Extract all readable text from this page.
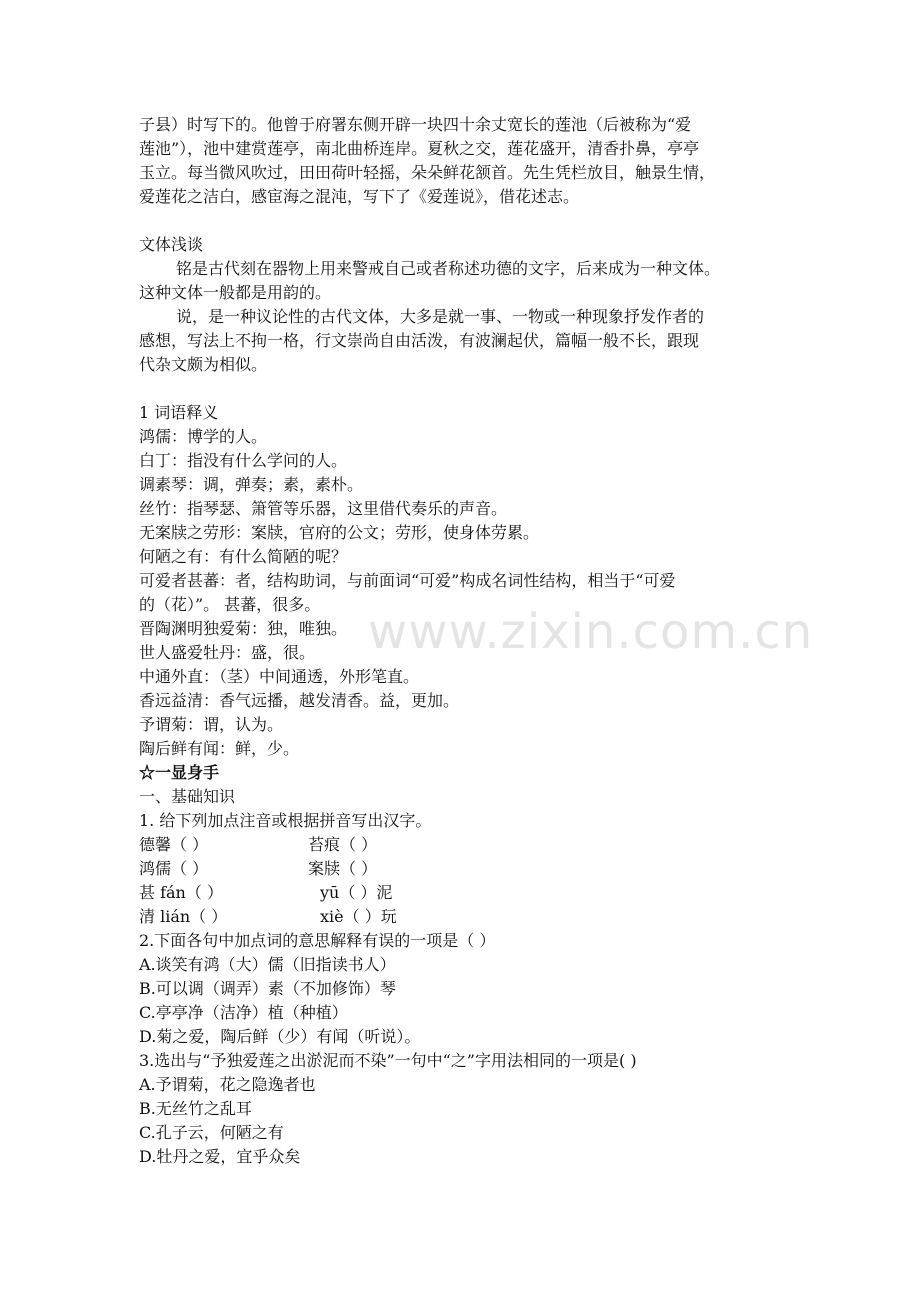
www.zixin.com.cn
子县）时写下的。他曾于府署东侧开辟一块四十余丈宽长的莲池（后被称为“爱
莲池”），池中建赏莲亭，南北曲桥连岸。夏秋之交，莲花盛开，清香扑鼻，亭亭
玉立。每当微风吹过，田田荷叶轻摇，朵朵鲜花颔首。先生凭栏放目，触景生情，
爱莲花之洁白，感宦海之混沌，写下了《爱莲说》，借花述志。
文体浅谈
铭是古代刻在器物上用来警戒自己或者称述功德的文字，后来成为一种文体。
这种文体一般都是用韵的。
说，是一种议论性的古代文体，大多是就一事、一物或一种现象抒发作者的
感想，写法上不拘一格，行文崇尚自由活泼，有波澜起伏，篇幅一般不长，跟现
代杂文颇为相似。
1 词语释义
鸿儒：博学的人。
白丁：指没有什么学问的人。
调素琴：调，弹奏；素，素朴。
丝竹：指琴瑟、箫管等乐器，这里借代奏乐的声音。
无案牍之劳形：案牍，官府的公文；劳形，使身体劳累。
何陋之有：有什么简陋的呢？
可爱者甚蕃：者，结构助词，与前面词“可爱”构成名词性结构，相当于“可爱
的（花）”。 甚蕃，很多。
晋陶渊明独爱菊：独，唯独。
世人盛爱牡丹：盛，很。
中通外直：（茎）中间通透，外形笔直。
香远益清：香气远播，越发清香。益，更加。
予谓菊：谓，认为。
陶后鲜有闻：鲜，少。
☆一显身手
一、基础知识
1. 给下列加点注音或根据拼音写出汉字。
德馨（ ）	苔痕（ ）
鸿儒（ ）	案牍（ ）
甚 fán（ ）	yū（ ）泥
清 lián（ ）	xiè（ ）玩
2.下面各句中加点词的意思解释有误的一项是（ ）
A.谈笑有鸿（大）儒（旧指读书人）
B.可以调（调弄）素（不加修饰）琴
C.亭亭净（洁净）植（种植）
D.菊之爱，陶后鲜（少）有闻（听说）。
3.选出与“予独爱莲之出淤泥而不染”一句中“之”字用法相同的一项是( )
A.予谓菊，花之隐逸者也
B.无丝竹之乱耳
C.孔子云，何陋之有
D.牡丹之爱，宜乎众矣
